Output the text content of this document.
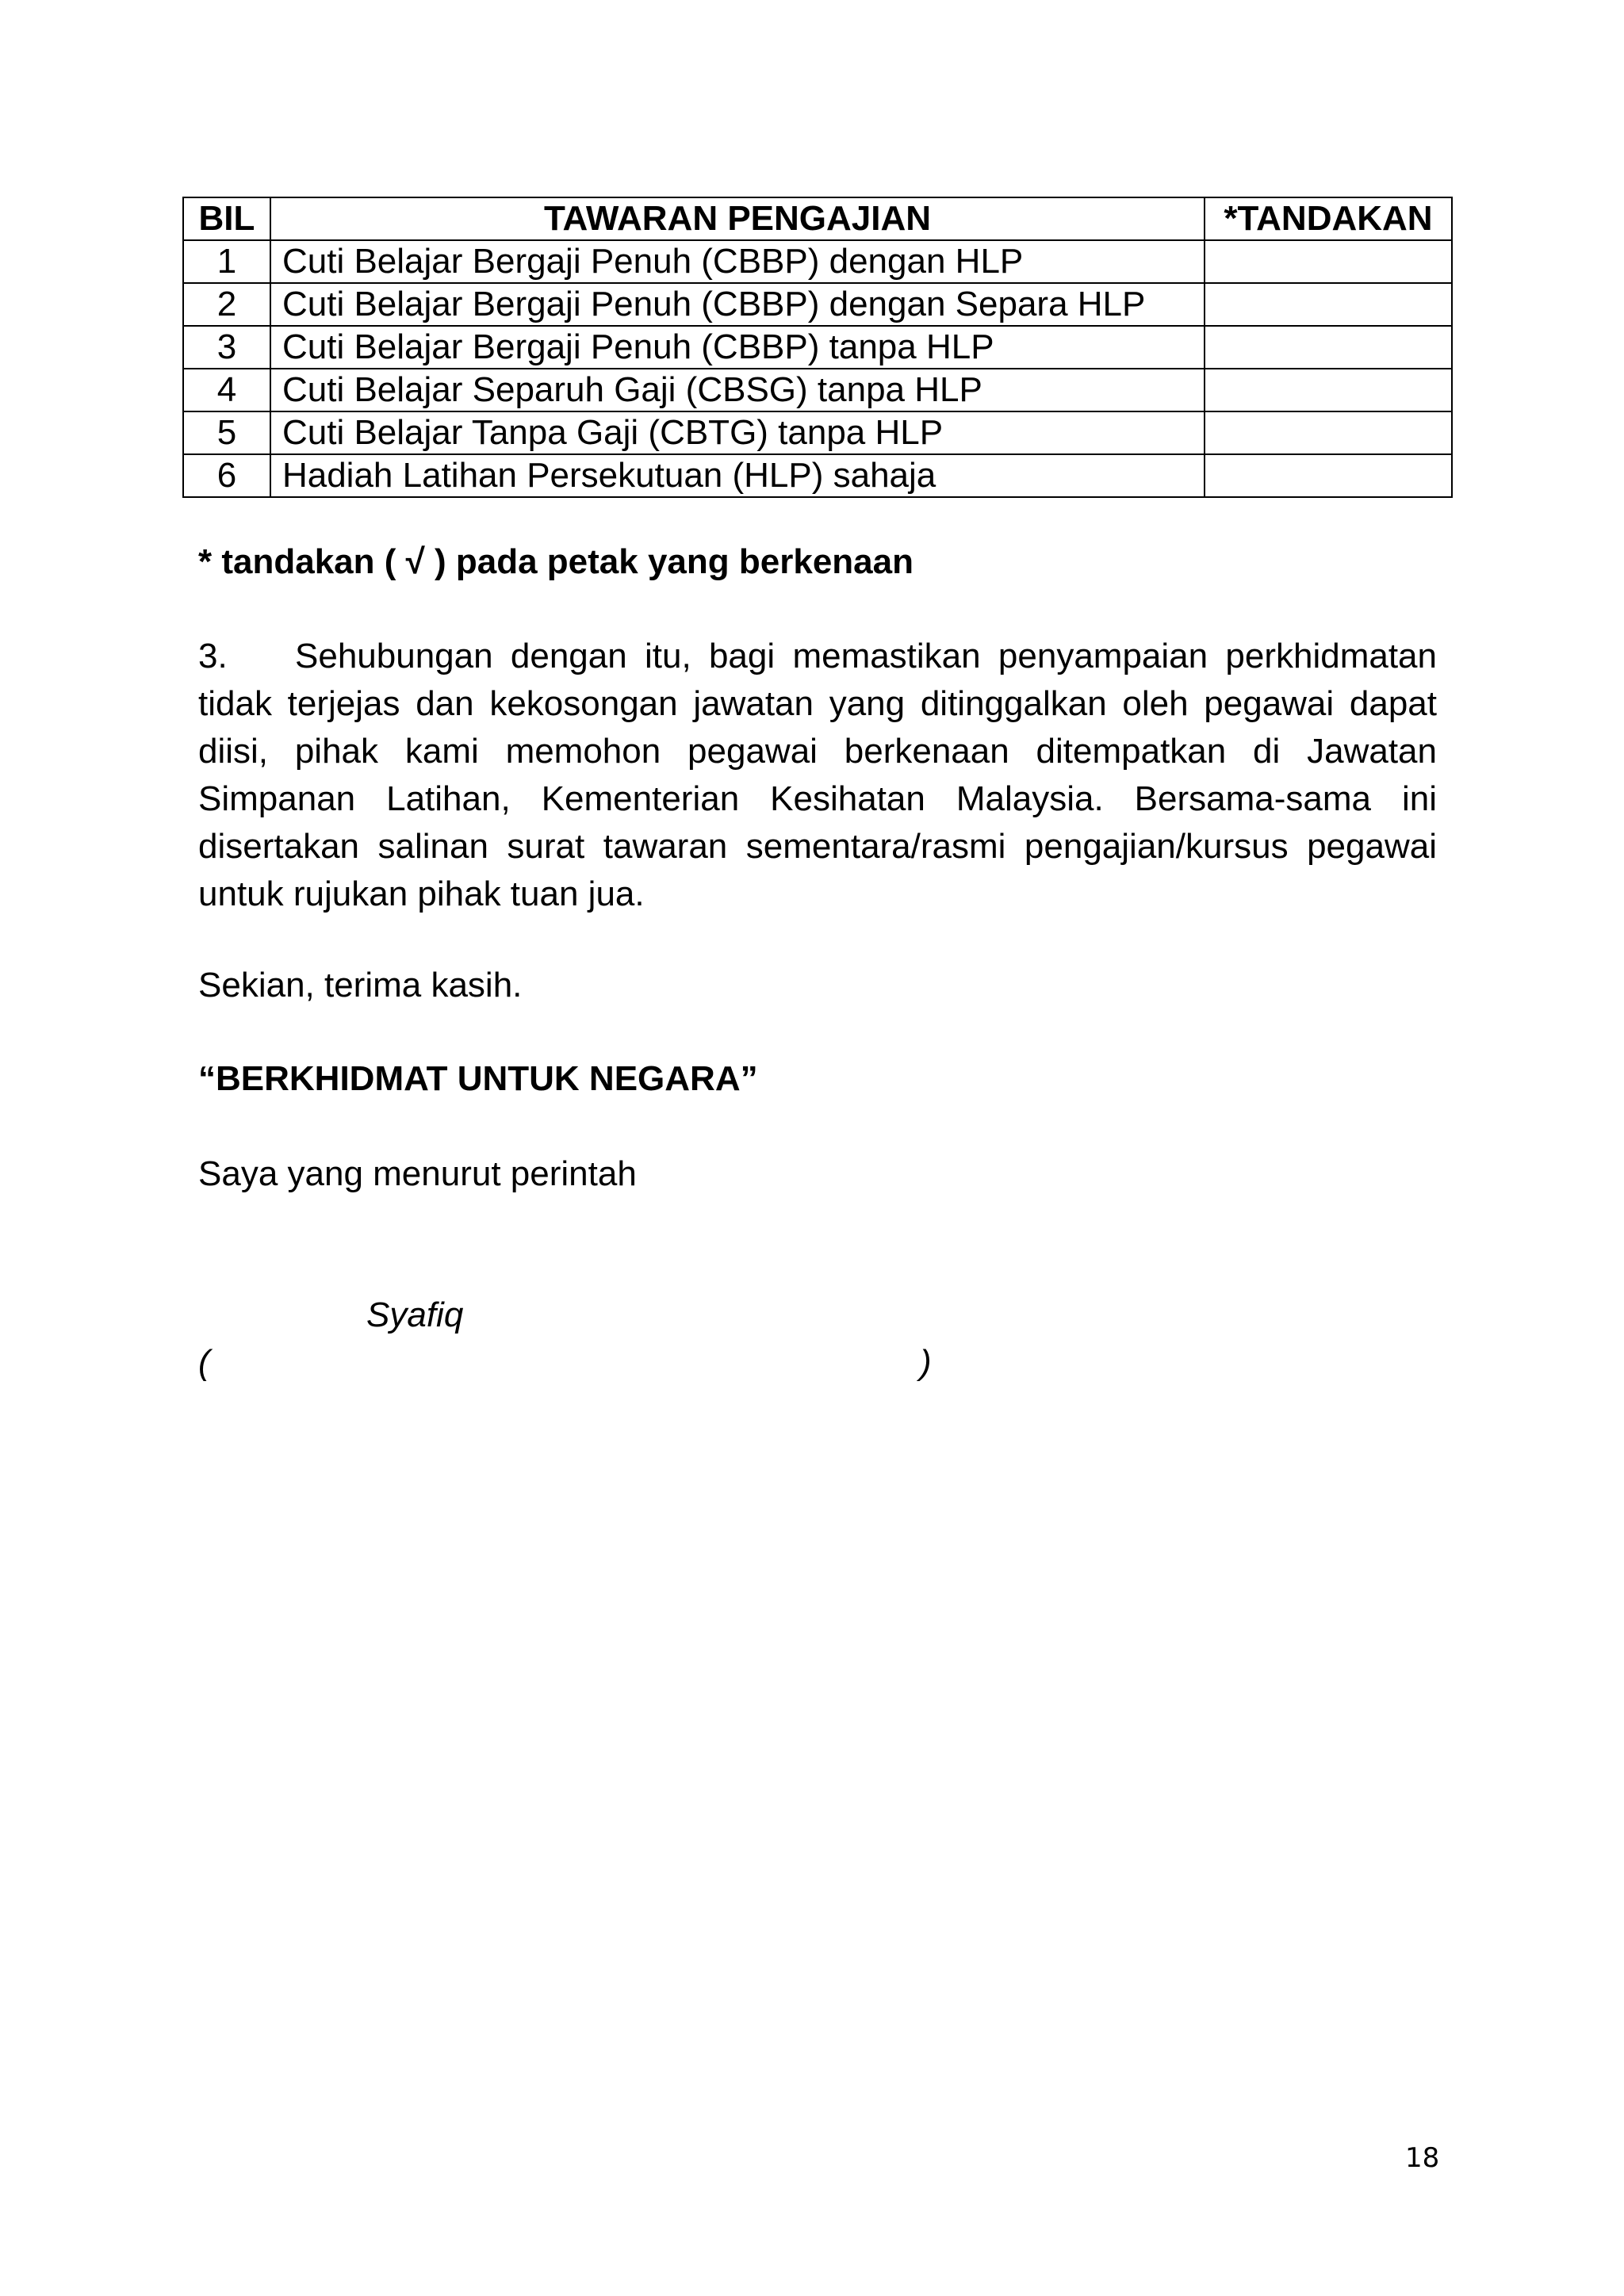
BIL	TAWARAN PENGAJIAN	*TANDAKAN
1	Cuti Belajar Bergaji Penuh (CBBP) dengan HLP	
2	Cuti Belajar Bergaji Penuh (CBBP) dengan Separa HLP	
3	Cuti Belajar Bergaji Penuh (CBBP) tanpa HLP	
4	Cuti Belajar Separuh Gaji (CBSG) tanpa HLP	
5	Cuti Belajar Tanpa Gaji (CBTG) tanpa HLP	
6	Hadiah Latihan Persekutuan (HLP) sahaja	
* tandakan ( √ ) pada petak yang berkenaan
3. Sehubungan dengan itu, bagi memastikan penyampaian perkhidmatan tidak terjejas dan kekosongan jawatan yang ditinggalkan oleh pegawai dapat diisi, pihak kami memohon pegawai berkenaan ditempatkan di Jawatan Simpanan Latihan, Kementerian Kesihatan Malaysia. Bersama-sama ini disertakan salinan surat tawaran sementara/rasmi pengajian/kursus pegawai untuk rujukan pihak tuan jua.
Sekian, terima kasih.
“BERKHIDMAT UNTUK NEGARA”
Saya yang menurut perintah
Syafiq
(	)
18
